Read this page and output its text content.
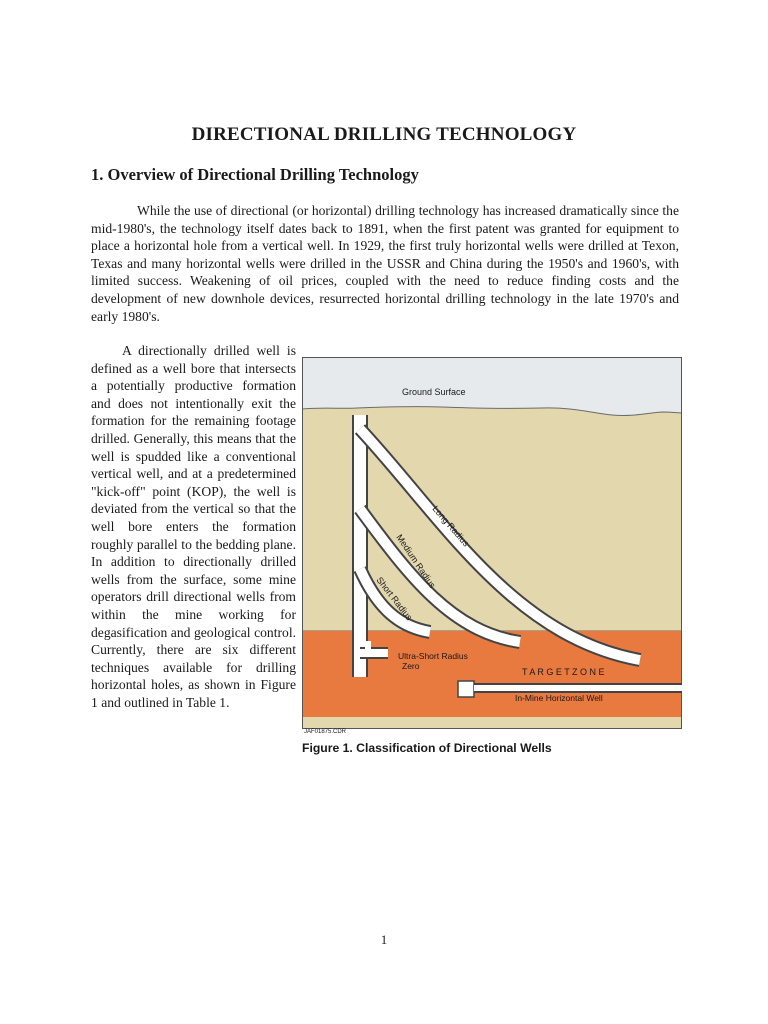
DIRECTIONAL DRILLING TECHNOLOGY
1. Overview of Directional Drilling Technology

While the use of directional (or horizontal) drilling technology has increased dramatically since the mid-1980's, the technology itself dates back to 1891, when the first patent was granted for equipment to place a horizontal hole from a vertical well. In 1929, the first truly horizontal wells were drilled at Texon, Texas and many horizontal wells were drilled in the USSR and China during the 1950's and 1960's, with limited success. Weakening of oil prices, coupled with the need to reduce finding costs and the development of new downhole devices, resurrected horizontal drilling technology in the late 1970's and early 1980's.

A directionally drilled well is defined as a well bore that intersects a potentially productive formation and does not intentionally exit the formation for the remaining footage drilled. Generally, this means that the well is spudded like a conventional vertical well, and at a predetermined "kick-off" point (KOP), the well is deviated from the vertical so that the well bore enters the formation roughly parallel to the bedding plane. In addition to directionally drilled wells from the surface, some mine operators drill directional wells from within the mine working for degasification and geological control. Currently, there are six different techniques available for drilling horizontal holes, as shown in Figure 1 and outlined in Table 1.

Ground Surface
Long Radius
Medium Radius
Short Radius
Ultra-Short Radius
Zero
T A R G E T Z O N E
In-Mine Horizontal Well
JAF01875.CDR

Figure 1. Classification of Directional Wells

1
